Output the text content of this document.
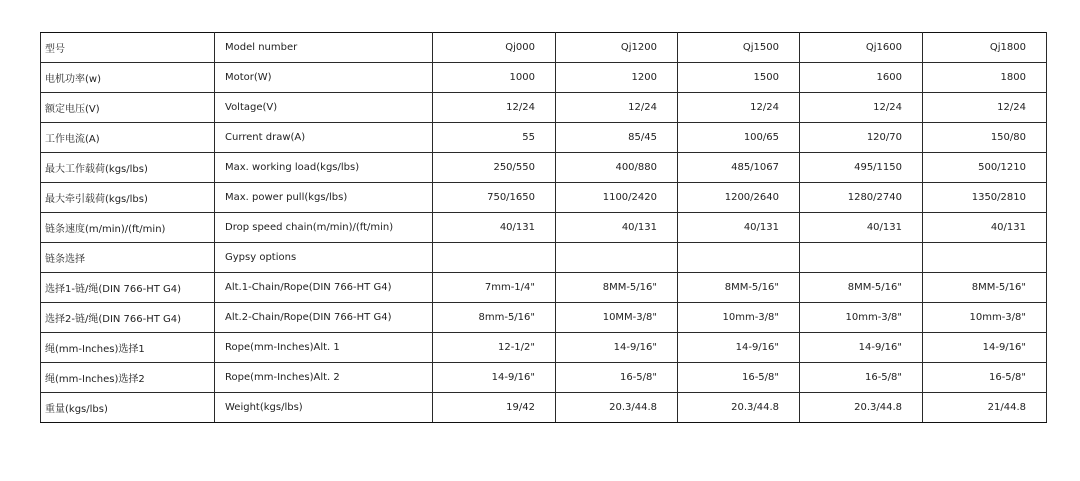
型号	Model number	Qj000	Qj1200	Qj1500	Qj1600	Qj1800
电机功率(w)	Motor(W)	1000	1200	1500	1600	1800
额定电压(V)	Voltage(V)	12/24	12/24	12/24	12/24	12/24
工作电流(A)	Current draw(A)	55	85/45	100/65	120/70	150/80
最大工作载荷(kgs/lbs)	Max. working load(kgs/lbs)	250/550	400/880	485/1067	495/1150	500/1210
最大牵引载荷(kgs/lbs)	Max. power pull(kgs/lbs)	750/1650	1100/2420	1200/2640	1280/2740	1350/2810
链条速度(m/min)/(ft/min)	Drop speed chain(m/min)/(ft/min)	40/131	40/131	40/131	40/131	40/131
链条选择	Gypsy options					
选择1-链/绳(DIN 766-HT G4)	Alt.1-Chain/Rope(DIN 766-HT G4)	7mm-1/4"	8MM-5/16"	8MM-5/16"	8MM-5/16"	8MM-5/16"
选择2-链/绳(DIN 766-HT G4)	Alt.2-Chain/Rope(DIN 766-HT G4)	8mm-5/16"	10MM-3/8"	10mm-3/8"	10mm-3/8"	10mm-3/8"
绳(mm-Inches)选择1	Rope(mm-Inches)Alt. 1	12-1/2"	14-9/16"	14-9/16"	14-9/16"	14-9/16"
绳(mm-Inches)选择2	Rope(mm-Inches)Alt. 2	14-9/16"	16-5/8"	16-5/8"	16-5/8"	16-5/8"
重量(kgs/lbs)	Weight(kgs/lbs)	19/42	20.3/44.8	20.3/44.8	20.3/44.8	21/44.8
